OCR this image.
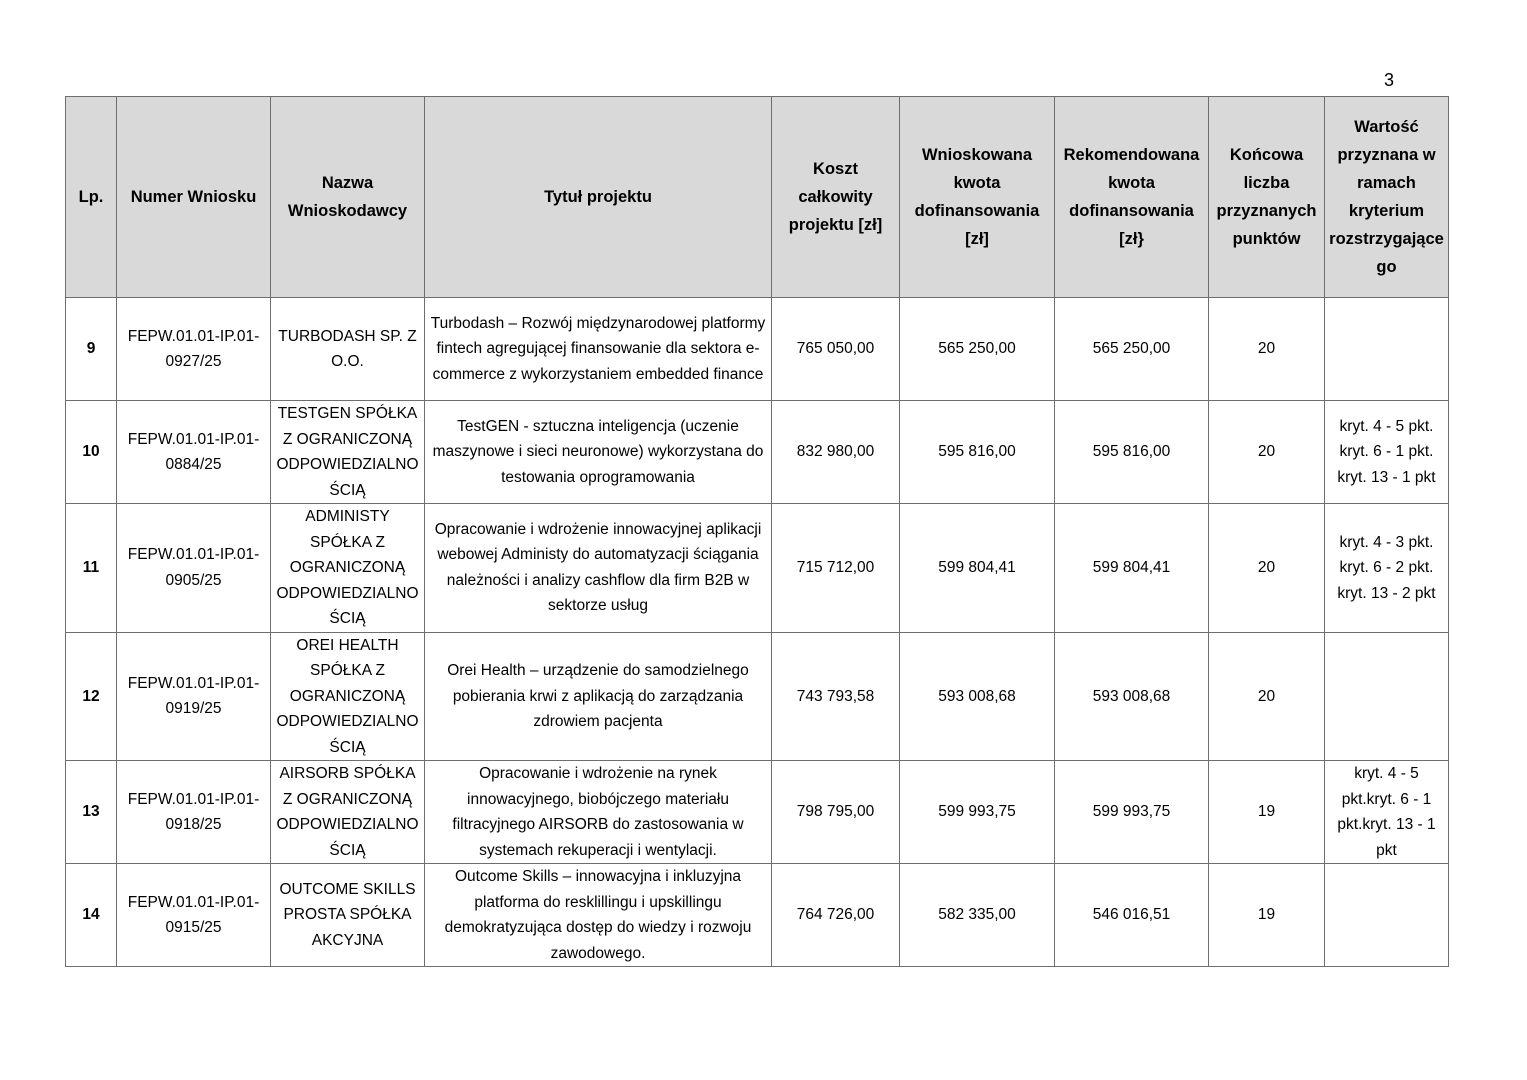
3
Lp.	Numer Wniosku	Nazwa Wnioskodawcy	Tytuł projektu	Koszt całkowity projektu [zł]	Wnioskowana kwota dofinansowania [zł]	Rekomendowana kwota dofinansowania [zł}	Końcowa liczba przyznanych punktów	Wartość przyznana w ramach kryterium rozstrzygającego
9	FEPW.01.01-IP.01-0927/25	TURBODASH SP. Z O.O.	Turbodash – Rozwój międzynarodowej platformy fintech agregującej finansowanie dla sektora e-commerce z wykorzystaniem embedded finance	765 050,00	565 250,00	565 250,00	20	
10	FEPW.01.01-IP.01-0884/25	TESTGEN SPÓŁKA Z OGRANICZONĄ ODPOWIEDZIALNOŚCIĄ	TestGEN - sztuczna inteligencja (uczenie maszynowe i sieci neuronowe) wykorzystana do testowania oprogramowania	832 980,00	595 816,00	595 816,00	20	kryt. 4 - 5 pkt. kryt. 6 - 1 pkt. kryt. 13 - 1 pkt
11	FEPW.01.01-IP.01-0905/25	ADMINISTY SPÓŁKA Z OGRANICZONĄ ODPOWIEDZIALNOŚCIĄ	Opracowanie i wdrożenie innowacyjnej aplikacji webowej Administy do automatyzacji ściągania należności i analizy cashflow dla firm B2B w sektorze usług	715 712,00	599 804,41	599 804,41	20	kryt. 4 - 3 pkt. kryt. 6 - 2 pkt. kryt. 13 - 2 pkt
12	FEPW.01.01-IP.01-0919/25	OREI HEALTH SPÓŁKA Z OGRANICZONĄ ODPOWIEDZIALNOŚCIĄ	Orei Health – urządzenie do samodzielnego pobierania krwi z aplikacją do zarządzania zdrowiem pacjenta	743 793,58	593 008,68	593 008,68	20	
13	FEPW.01.01-IP.01-0918/25	AIRSORB SPÓŁKA Z OGRANICZONĄ ODPOWIEDZIALNOŚCIĄ	Opracowanie i wdrożenie na rynek innowacyjnego, biobójczego materiału filtracyjnego AIRSORB do zastosowania w systemach rekuperacji i wentylacji.	798 795,00	599 993,75	599 993,75	19	kryt. 4 - 5 pkt.kryt. 6 - 1 pkt.kryt. 13 - 1 pkt
14	FEPW.01.01-IP.01-0915/25	OUTCOME SKILLS PROSTA SPÓŁKA AKCYJNA	Outcome Skills – innowacyjna i inkluzyjna platforma do resklillingu i upskillingu demokratyzująca dostęp do wiedzy i rozwoju zawodowego.	764 726,00	582 335,00	546 016,51	19	
